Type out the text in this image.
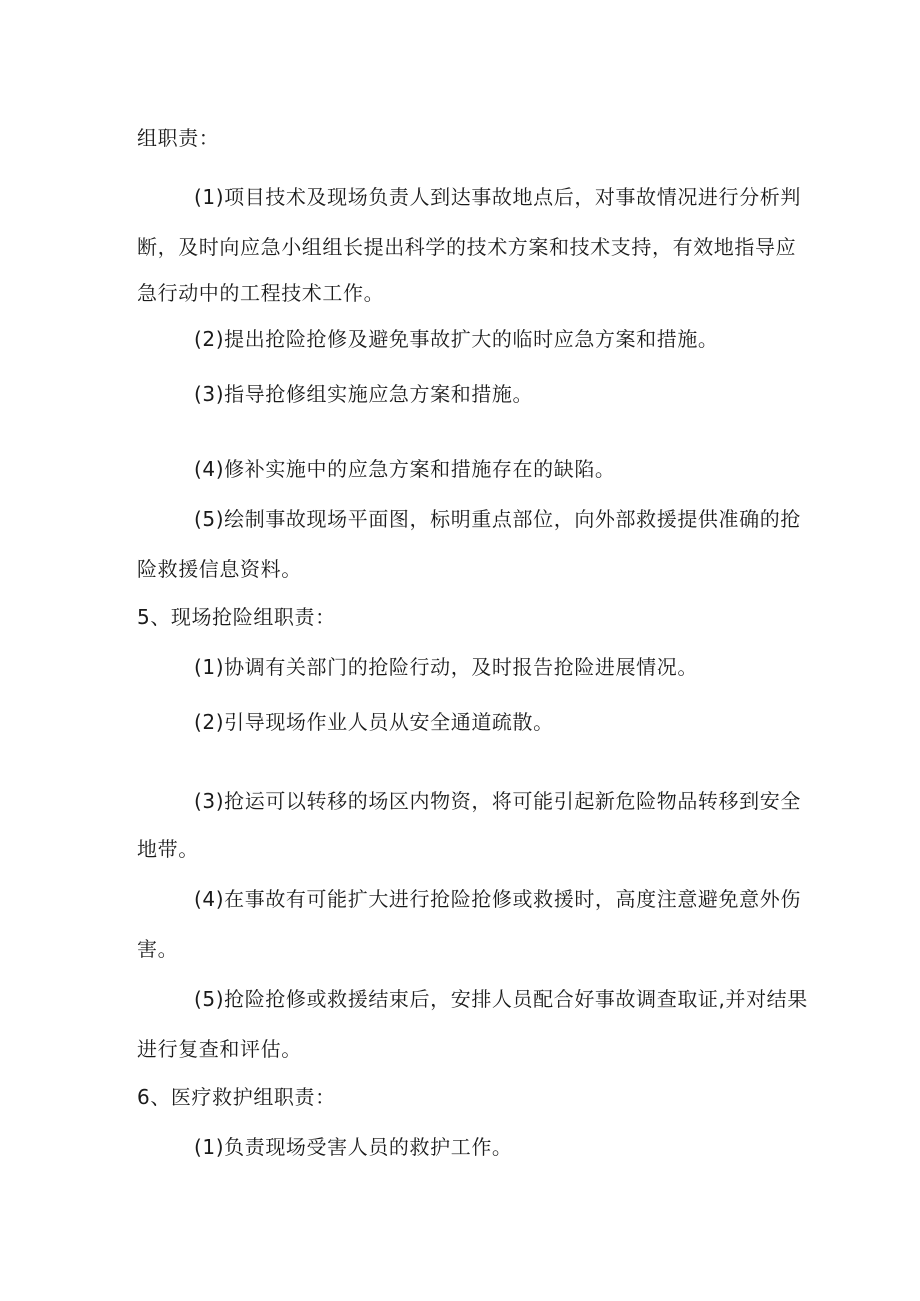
组职责：
(1)项目技术及现场负责人到达事故地点后，对事故情况进行分析判
断，及时向应急小组组长提出科学的技术方案和技术支持，有效地指导应
急行动中的工程技术工作。
(2)提出抢险抢修及避免事故扩大的临时应急方案和措施。
(3)指导抢修组实施应急方案和措施。
(4)修补实施中的应急方案和措施存在的缺陷。
(5)绘制事故现场平面图，标明重点部位，向外部救援提供准确的抢
险救援信息资料。
5、现场抢险组职责：
(1)协调有关部门的抢险行动，及时报告抢险进展情况。
(2)引导现场作业人员从安全通道疏散。
(3)抢运可以转移的场区内物资，将可能引起新危险物品转移到安全
地带。
(4)在事故有可能扩大进行抢险抢修或救援时，高度注意避免意外伤
害。
(5)抢险抢修或救援结束后，安排人员配合好事故调查取证,并对结果
进行复查和评估。
6、医疗救护组职责：
(1)负责现场受害人员的救护工作。
